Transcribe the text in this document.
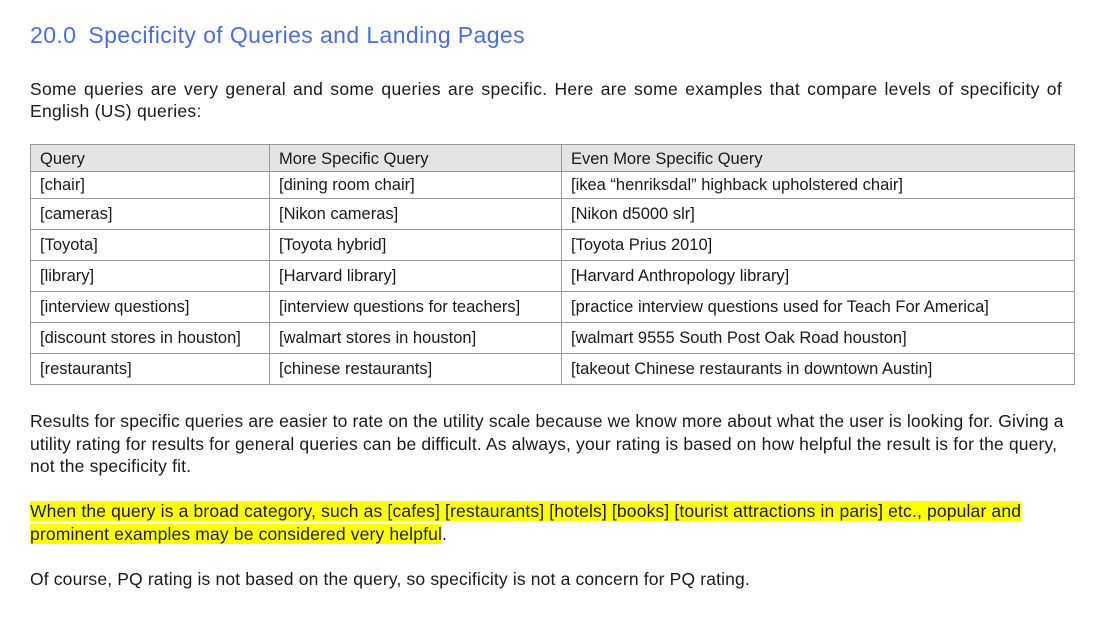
20.0 Specificity of Queries and Landing Pages
Some queries are very general and some queries are specific. Here are some examples that compare levels of specificity of English (US) queries:
Query	More Specific Query	Even More Specific Query
[chair]	[dining room chair]	[ikea “henriksdal” highback upholstered chair]
[cameras]	[Nikon cameras]	[Nikon d5000 slr]
[Toyota]	[Toyota hybrid]	[Toyota Prius 2010]
[library]	[Harvard library]	[Harvard Anthropology library]
[interview questions]	[interview questions for teachers]	[practice interview questions used for Teach For America]
[discount stores in houston]	[walmart stores in houston]	[walmart 9555 South Post Oak Road houston]
[restaurants]	[chinese restaurants]	[takeout Chinese restaurants in downtown Austin]
Results for specific queries are easier to rate on the utility scale because we know more about what the user is looking for. Giving a utility rating for results for general queries can be difficult. As always, your rating is based on how helpful the result is for the query, not the specificity fit.
When the query is a broad category, such as [cafes] [restaurants] [hotels] [books] [tourist attractions in paris] etc., popular and prominent examples may be considered very helpful.
Of course, PQ rating is not based on the query, so specificity is not a concern for PQ rating.
